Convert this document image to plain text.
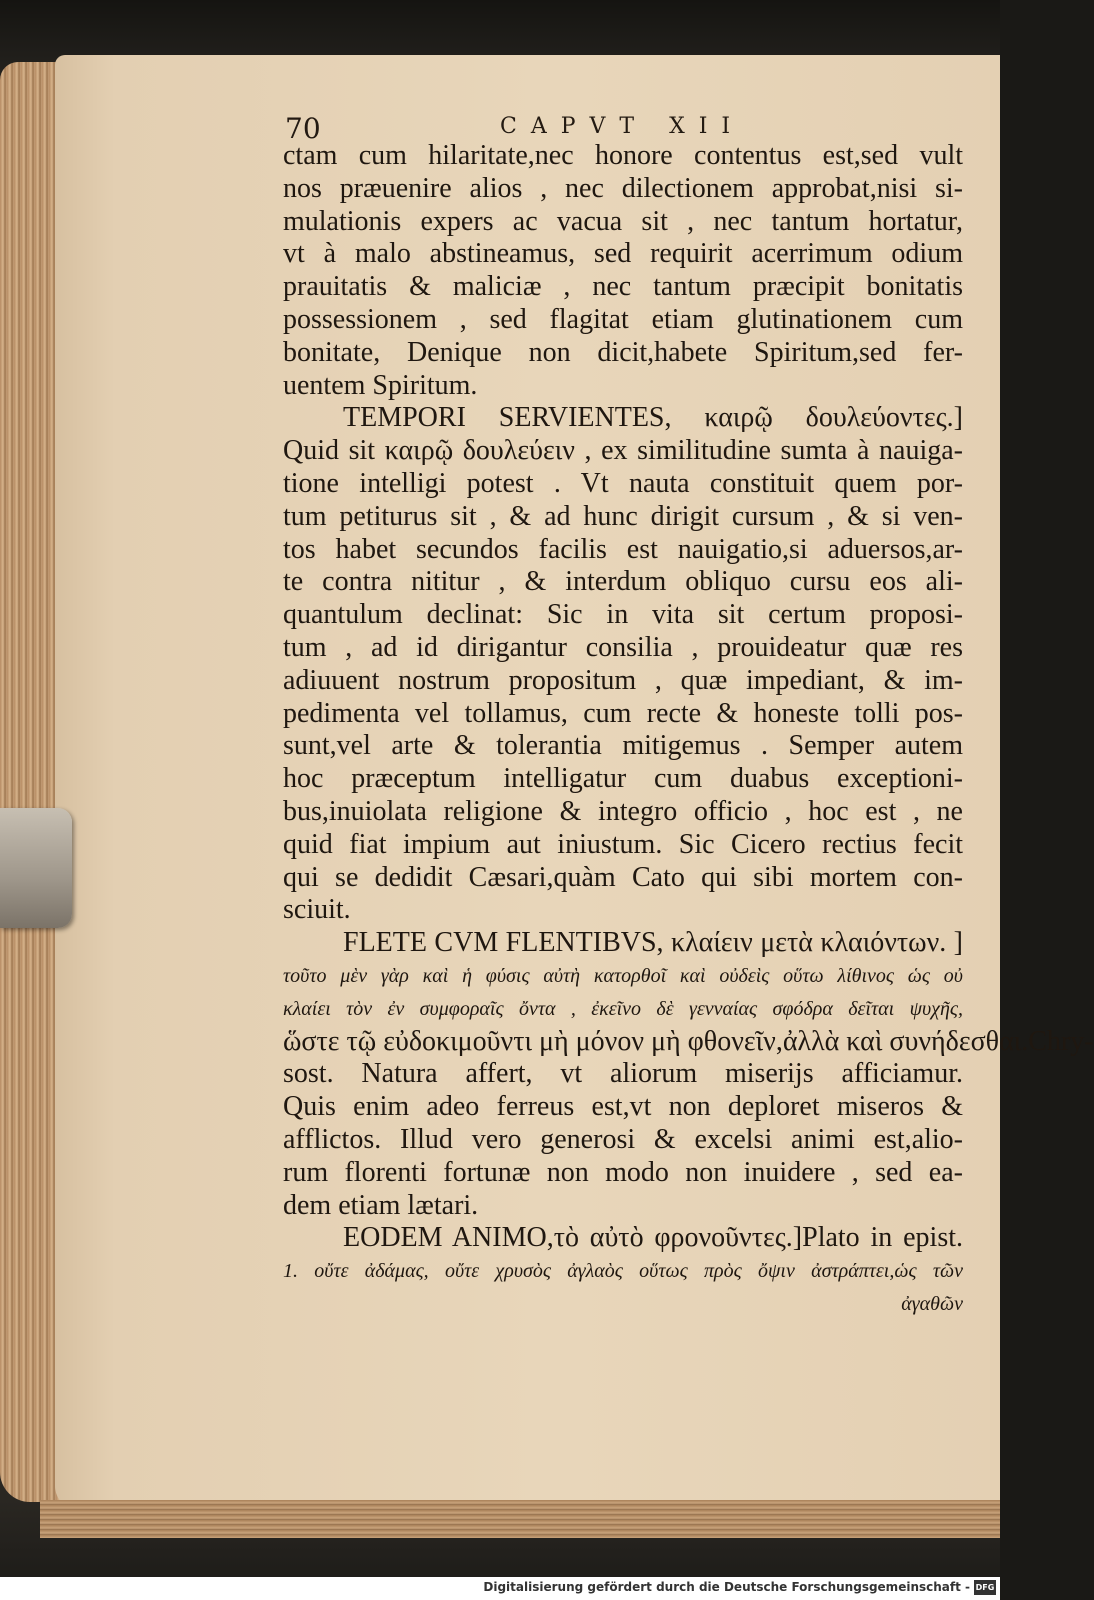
70	CAPVT XII
ctam cum hilaritate,nec honore contentus est,sed vult
nos præuenire alios , nec dilectionem approbat,nisi si-
mulationis expers ac vacua sit , nec tantum hortatur,
vt à malo abstineamus, sed requirit acerrimum odium
prauitatis & maliciæ , nec tantum præcipit bonitatis
possessionem , sed flagitat etiam glutinationem cum
bonitate, Denique non dicit,habete Spiritum,sed fer-
uentem Spiritum.
TEMPORI SERVIENTES, καιρῷ δουλεύοντες.]
Quid sit καιρῷ δουλεύειν , ex similitudine sumta à nauiga-
tione intelligi potest . Vt nauta constituit quem por-
tum petiturus sit , & ad hunc dirigit cursum , & si ven-
tos habet secundos facilis est nauigatio,si aduersos,ar-
te contra nititur , & interdum obliquo cursu eos ali-
quantulum declinat: Sic in vita sit certum proposi-
tum , ad id dirigantur consilia , prouideatur quæ res
adiuuent nostrum propositum , quæ impediant, & im-
pedimenta vel tollamus, cum recte & honeste tolli pos-
sunt,vel arte & tolerantia mitigemus . Semper autem
hoc præceptum intelligatur cum duabus exceptioni-
bus,inuiolata religione & integro officio , hoc est , ne
quid fiat impium aut iniustum. Sic Cicero rectius fecit
qui se dedidit Cæsari,quàm Cato qui sibi mortem con-
sciuit.
FLETE CVM FLENTIBVS, κλαίειν μετὰ κλαιόντων. ]
τοῦτο μὲν γὰρ καὶ ἡ φύσις αὐτὴ κατορθοῖ καὶ οὐδεὶς οὕτω λίθινος ὡς οὐ
κλαίει τὸν ἐν συμφοραῖς ὄντα , ἐκεῖνο δὲ γενναίας σφόδρα δεῖται ψυχῆς,
ὥστε τῷ εὐδοκιμοῦντι μὴ μόνον μὴ φθονεῖν,ἀλλὰ καὶ συνήδεσθαι.Chry-
sost. Natura affert, vt aliorum miserijs afficiamur.
Quis enim adeo ferreus est,vt non deploret miseros &
afflictos. Illud vero generosi & excelsi animi est,alio-
rum florenti fortunæ non modo non inuidere , sed ea-
dem etiam lætari.
EODEM ANIMO,τὸ αὐτὸ φρονοῦντες.]Plato in epist.
1. οὔτε ἀδάμας, οὔτε χρυσὸς ἀγλαὸς οὕτως πρὸς ὄψιν ἀστράπτει,ὡς τῶν
ἀγαθῶν
Digitalisierung gefördert durch die Deutsche Forschungsgemeinschaft - DFG
